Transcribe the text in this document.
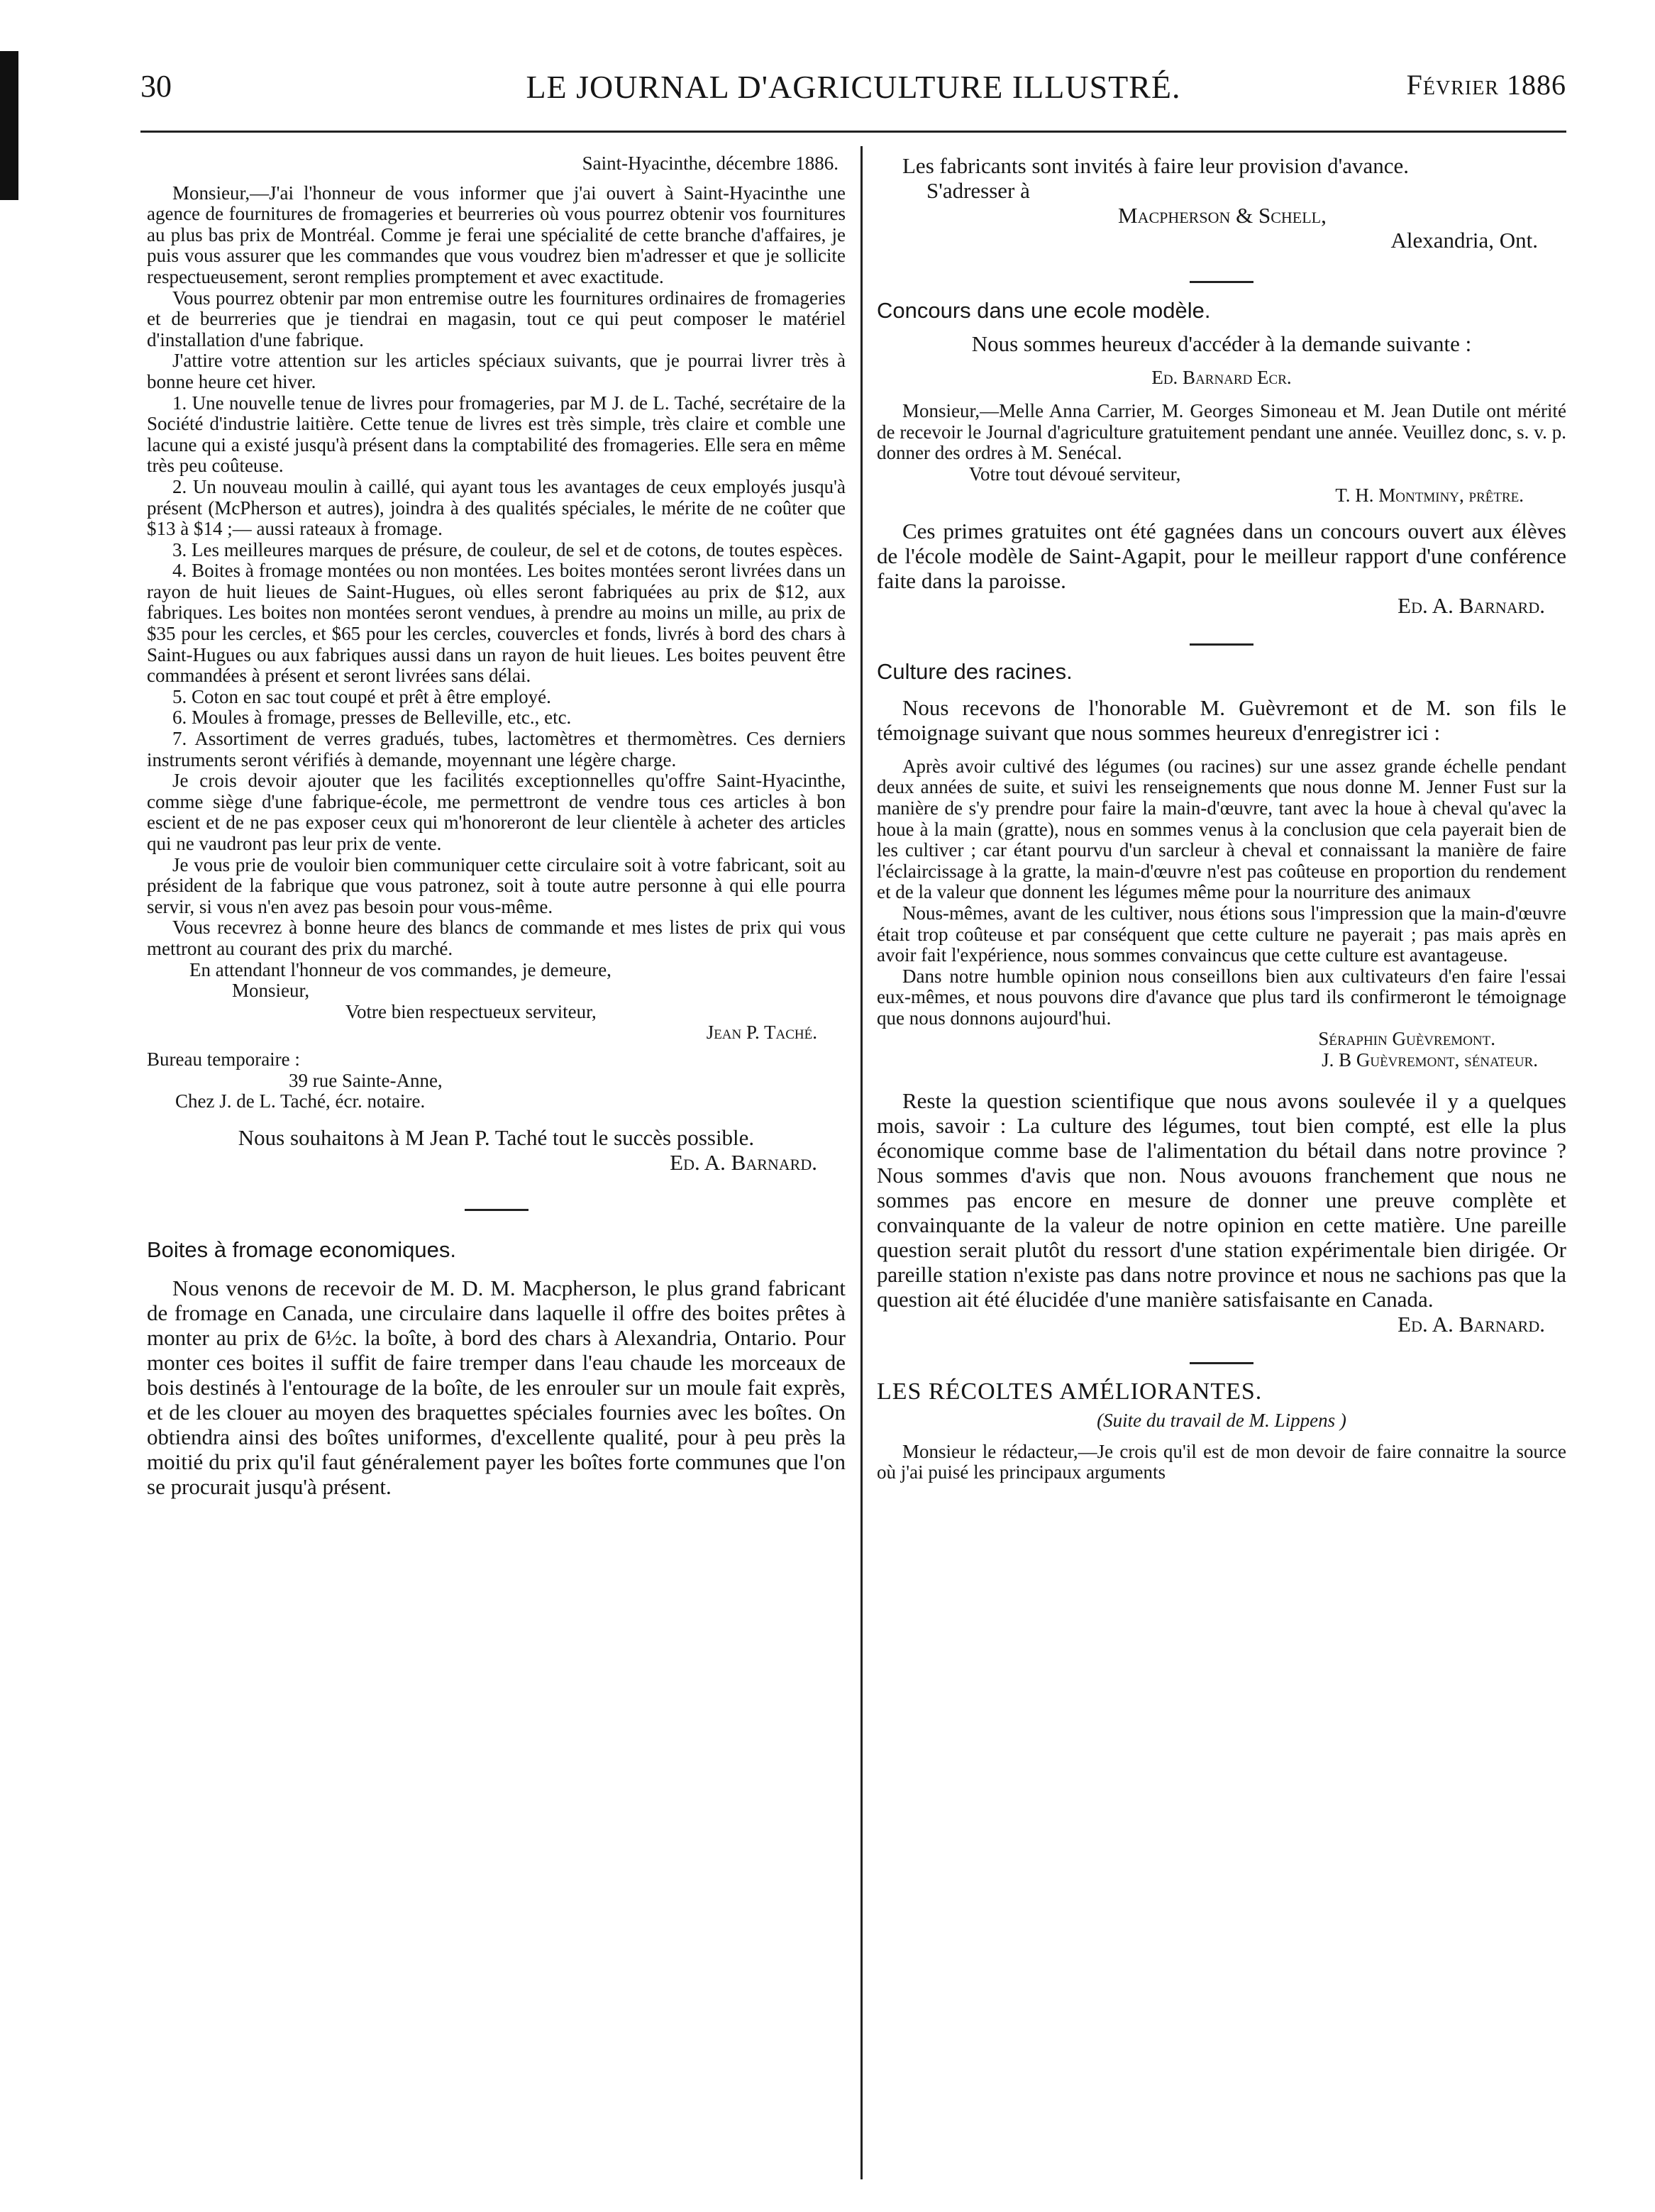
30	LE JOURNAL D'AGRICULTURE ILLUSTRÉ.	Février 1886

Saint-Hyacinthe, décembre 1886.

Monsieur,—J'ai l'honneur de vous informer que j'ai ouvert à Saint-Hyacinthe une agence de fournitures de fromageries et beurreries où vous pourrez obtenir vos fournitures au plus bas prix de Montréal. Comme je ferai une spécialité de cette branche d'affaires, je puis vous assurer que les commandes que vous voudrez bien m'adresser et que je sollicite respectueusement, seront remplies promptement et avec exactitude.

Vous pourrez obtenir par mon entremise outre les fournitures ordinaires de fromageries et de beurreries que je tiendrai en magasin, tout ce qui peut composer le matériel d'installation d'une fabrique.

J'attire votre attention sur les articles spéciaux suivants, que je pourrai livrer très à bonne heure cet hiver.

1. Une nouvelle tenue de livres pour fromageries, par M J. de L. Taché, secrétaire de la Société d'industrie laitière. Cette tenue de livres est très simple, très claire et comble une lacune qui a existé jusqu'à présent dans la comptabilité des fromageries. Elle sera en même très peu coûteuse.

2. Un nouveau moulin à caillé, qui ayant tous les avantages de ceux employés jusqu'à présent (McPherson et autres), joindra à des qualités spéciales, le mérite de ne coûter que $13 à $14 ;— aussi rateaux à fromage.

3. Les meilleures marques de présure, de couleur, de sel et de cotons, de toutes espèces.

4. Boites à fromage montées ou non montées. Les boites montées seront livrées dans un rayon de huit lieues de Saint-Hugues, où elles seront fabriquées au prix de $12, aux fabriques. Les boites non montées seront vendues, à prendre au moins un mille, au prix de $35 pour les cercles, et $65 pour les cercles, couvercles et fonds, livrés à bord des chars à Saint-Hugues ou aux fabriques aussi dans un rayon de huit lieues. Les boites peuvent être commandées à présent et seront livrées sans délai.

5. Coton en sac tout coupé et prêt à être employé.

6. Moules à fromage, presses de Belleville, etc., etc.

7. Assortiment de verres gradués, tubes, lactomètres et thermomètres. Ces derniers instruments seront vérifiés à demande, moyennant une légère charge.

Je crois devoir ajouter que les facilités exceptionnelles qu'offre Saint-Hyacinthe, comme siège d'une fabrique-école, me permettront de vendre tous ces articles à bon escient et de ne pas exposer ceux qui m'honoreront de leur clientèle à acheter des articles qui ne vaudront pas leur prix de vente.

Je vous prie de vouloir bien communiquer cette circulaire soit à votre fabricant, soit au président de la fabrique que vous patronez, soit à toute autre personne à qui elle pourra servir, si vous n'en avez pas besoin pour vous-même.

Vous recevrez à bonne heure des blancs de commande et mes listes de prix qui vous mettront au courant des prix du marché.

En attendant l'honneur de vos commandes, je demeure,

Monsieur,

Votre bien respectueux serviteur,

Jean P. Taché.

Bureau temporaire :

39 rue Sainte-Anne,

Chez J. de L. Taché, écr. notaire.

Nous souhaitons à M Jean P. Taché tout le succès possible.

Ed. A. Barnard.

Boites à fromage economiques.

Nous venons de recevoir de M. D. M. Macpherson, le plus grand fabricant de fromage en Canada, une circulaire dans laquelle il offre des boites prêtes à monter au prix de 6½c. la boîte, à bord des chars à Alexandria, Ontario. Pour monter ces boites il suffit de faire tremper dans l'eau chaude les morceaux de bois destinés à l'entourage de la boîte, de les enrouler sur un moule fait exprès, et de les clouer au moyen des braquettes spéciales fournies avec les boîtes. On obtiendra ainsi des boîtes uniformes, d'excellente qualité, pour à peu près la moitié du prix qu'il faut généralement payer les boîtes forte communes que l'on se procurait jusqu'à présent.

Les fabricants sont invités à faire leur provision d'avance.

S'adresser à

Macpherson & Schell,

Alexandria, Ont.

Concours dans une ecole modèle.

Nous sommes heureux d'accéder à la demande suivante :

Ed. Barnard Ecr.

Monsieur,—Melle Anna Carrier, M. Georges Simoneau et M. Jean Dutile ont mérité de recevoir le Journal d'agriculture gratuitement pendant une année. Veuillez donc, s. v. p. donner des ordres à M. Senécal.

Votre tout dévoué serviteur,

T. H. Montminy, prêtre.

Ces primes gratuites ont été gagnées dans un concours ouvert aux élèves de l'école modèle de Saint-Agapit, pour le meilleur rapport d'une conférence faite dans la paroisse.

Ed. A. Barnard.

Culture des racines.

Nous recevons de l'honorable M. Guèvremont et de M. son fils le témoignage suivant que nous sommes heureux d'enregistrer ici :

Après avoir cultivé des légumes (ou racines) sur une assez grande échelle pendant deux années de suite, et suivi les renseignements que nous donne M. Jenner Fust sur la manière de s'y prendre pour faire la main-d'œuvre, tant avec la houe à cheval qu'avec la houe à la main (gratte), nous en sommes venus à la conclusion que cela payerait bien de les cultiver ; car étant pourvu d'un sarcleur à cheval et connaissant la manière de faire l'éclaircissage à la gratte, la main-d'œuvre n'est pas coûteuse en proportion du rendement et de la valeur que donnent les légumes même pour la nourriture des animaux

Nous-mêmes, avant de les cultiver, nous étions sous l'impression que la main-d'œuvre était trop coûteuse et par conséquent que cette culture ne payerait ; pas mais après en avoir fait l'expérience, nous sommes convaincus que cette culture est avantageuse.

Dans notre humble opinion nous conseillons bien aux cultivateurs d'en faire l'essai eux-mêmes, et nous pouvons dire d'avance que plus tard ils confirmeront le témoignage que nous donnons aujourd'hui.

Séraphin Guèvremont.

J. B Guèvremont, sénateur.

Reste la question scientifique que nous avons soulevée il y a quelques mois, savoir : La culture des légumes, tout bien compté, est elle la plus économique comme base de l'alimentation du bétail dans notre province ? Nous sommes d'avis que non. Nous avouons franchement que nous ne sommes pas encore en mesure de donner une preuve complète et convainquante de la valeur de notre opinion en cette matière. Une pareille question serait plutôt du ressort d'une station expérimentale bien dirigée. Or pareille station n'existe pas dans notre province et nous ne sachions pas que la question ait été élucidée d'une manière satisfaisante en Canada.

Ed. A. Barnard.

LES RÉCOLTES AMÉLIORANTES.

(Suite du travail de M. Lippens )

Monsieur le rédacteur,—Je crois qu'il est de mon devoir de faire connaitre la source où j'ai puisé les principaux arguments
